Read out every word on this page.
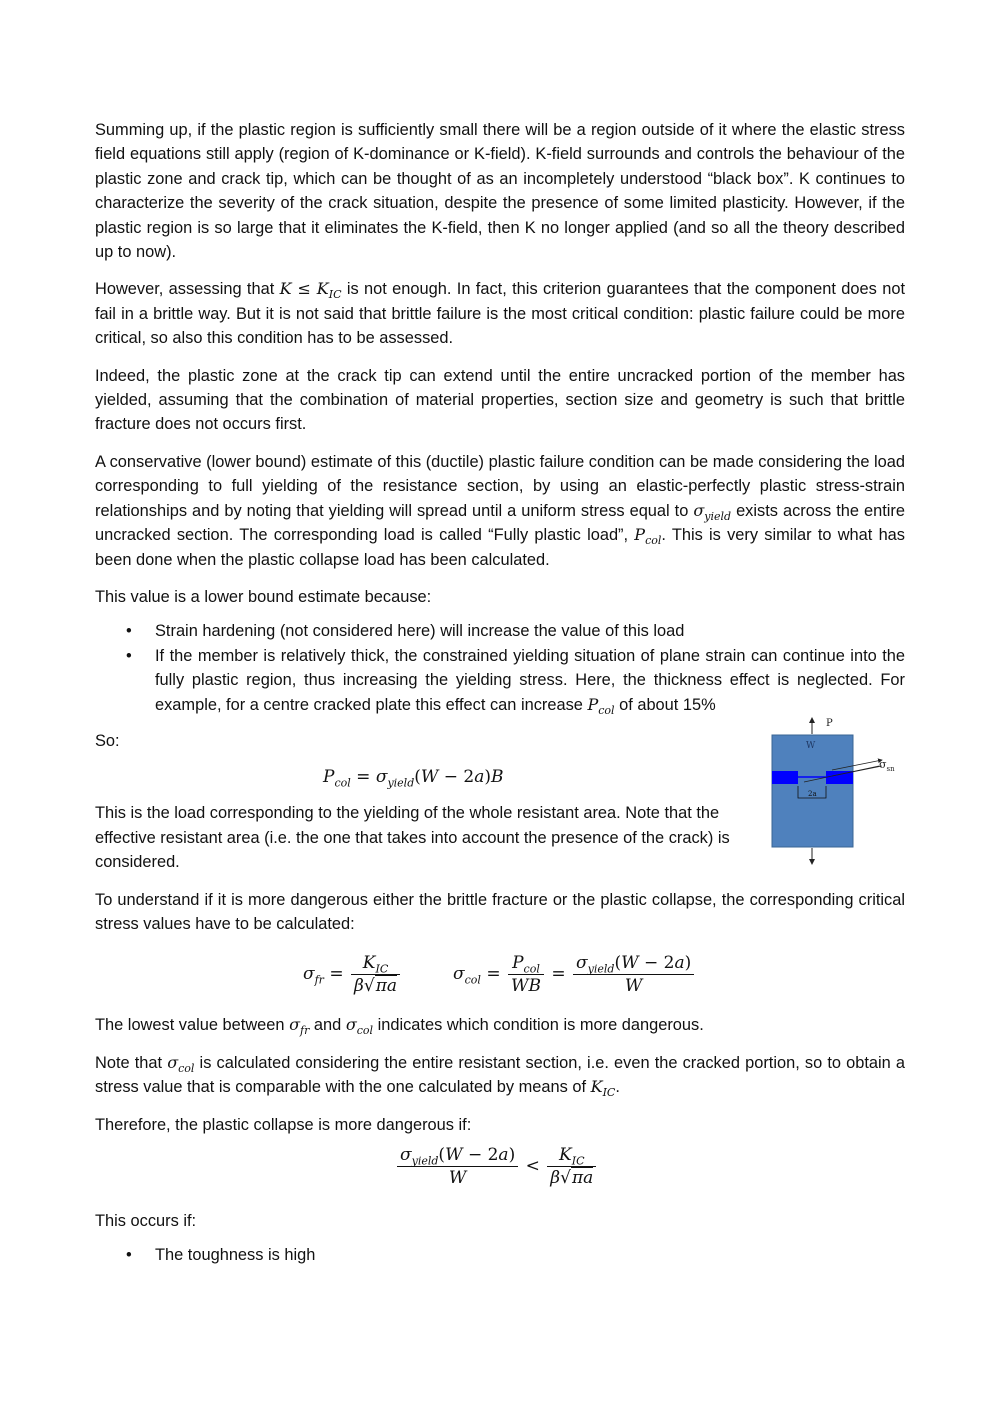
Summing up, if the plastic region is sufficiently small there will be a region outside of it where the elastic stress field equations still apply (region of K-dominance or K-field). K-field surrounds and controls the behaviour of the plastic zone and crack tip, which can be thought of as an incompletely understood “black box”. K continues to characterize the severity of the crack situation, despite the presence of some limited plasticity. However, if the plastic region is so large that it eliminates the K-field, then K no longer applied (and so all the theory described up to now).

However, assessing that $K \le K_{IC}$ is not enough. In fact, this criterion guarantees that the component does not fail in a brittle way. But it is not said that brittle failure is the most critical condition: plastic failure could be more critical, so also this condition has to be assessed.

Indeed, the plastic zone at the crack tip can extend until the entire uncracked portion of the member has yielded, assuming that the combination of material properties, section size and geometry is such that brittle fracture does not occurs first.

A conservative (lower bound) estimate of this (ductile) plastic failure condition can be made considering the load corresponding to full yielding of the resistance section, by using an elastic-perfectly plastic stress-strain relationships and by noting that yielding will spread until a uniform stress equal to $\sigma_{yield}$ exists across the entire uncracked section. The corresponding load is called “Fully plastic load”, $P_{col}$. This is very similar to what has been done when the plastic collapse load has been calculated.

This value is a lower bound estimate because:

• Strain hardening (not considered here) will increase the value of this load
• If the member is relatively thick, the constrained yielding situation of plane strain can continue into the fully plastic region, thus increasing the yielding stress. Here, the thickness effect is neglected. For example, for a centre cracked plate this effect can increase $P_{col}$ of about 15%

So:

$P_{col} = \sigma_{yield}(W - 2a)B$

This is the load corresponding to the yielding of the whole resistant area. Note that the effective resistant area (i.e. the one that takes into account the presence of the crack) is considered.

To understand if it is more dangerous either the brittle fracture or the plastic collapse, the corresponding critical stress values have to be calculated:

$\sigma_{fr} = \frac{K_{IC}}{\beta√\pi a}$	$\sigma_{col} = \frac{P_{col}}{WB} = \frac{\sigma_{yield}(W - 2a)}{W}$

The lowest value between $\sigma_{fr}$ and $\sigma_{col}$ indicates which condition is more dangerous.

Note that $\sigma_{col}$ is calculated considering the entire resistant section, i.e. even the cracked portion, so to obtain a stress value that is comparable with the one calculated by means of $K_{IC}$.

Therefore, the plastic collapse is more dangerous if:

$\frac{\sigma_{yield}(W - 2a)}{W} < \frac{K_{IC}}{\beta√\pi a}$

This occurs if:

• The toughness is high
P
W
2a
$\sigma_{sn}$
